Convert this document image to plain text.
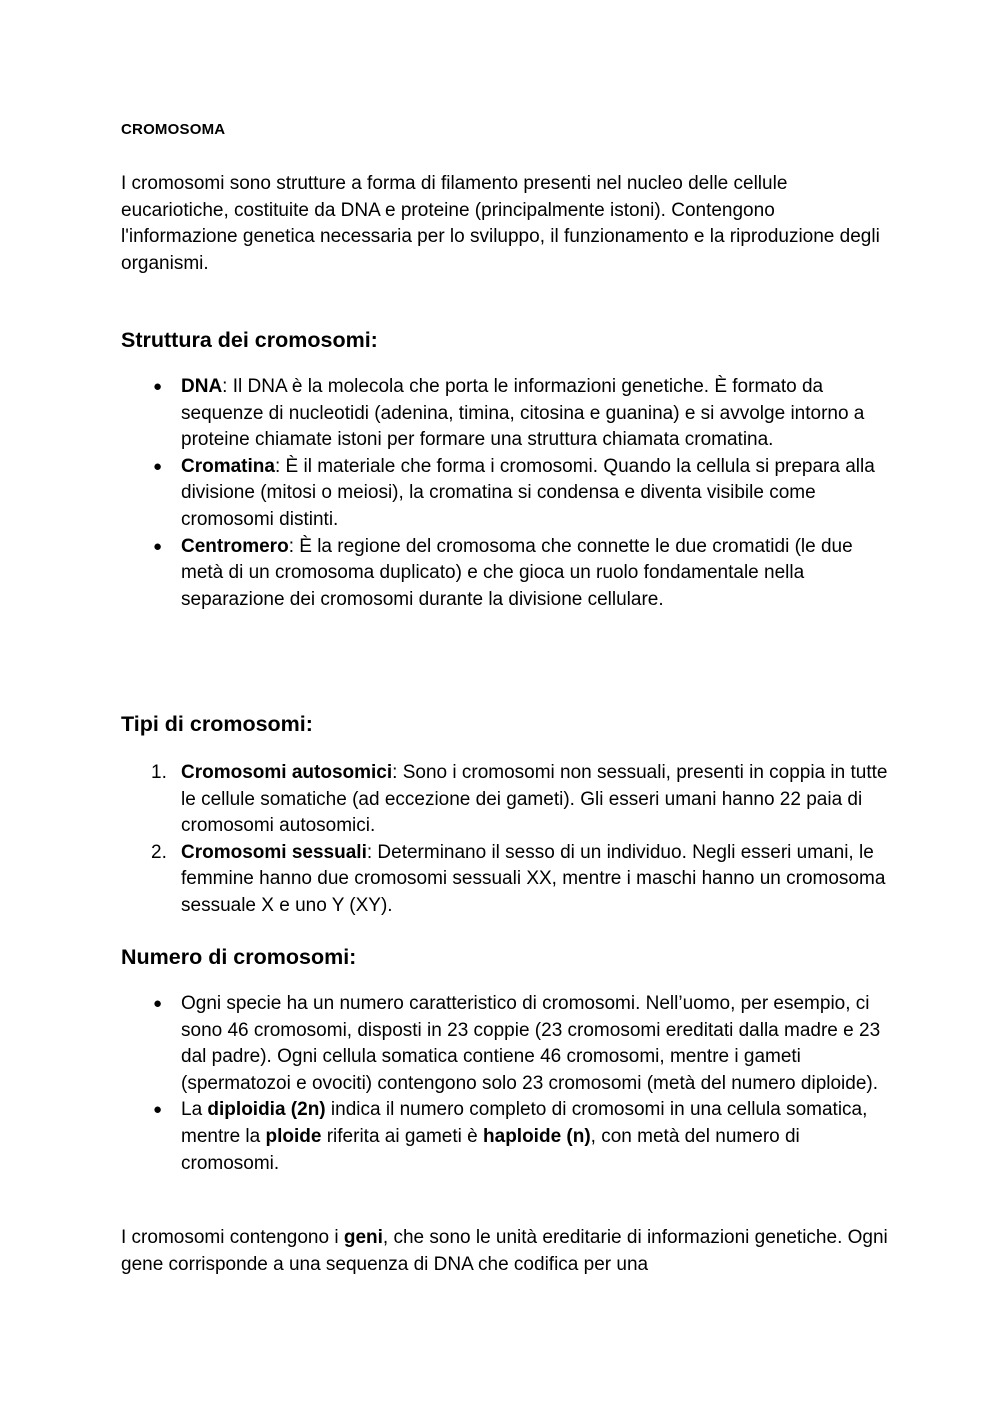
CROMOSOMA

I cromosomi sono strutture a forma di filamento presenti nel nucleo delle cellule eucariotiche, costituite da DNA e proteine (principalmente istoni). Contengono l'informazione genetica necessaria per lo sviluppo, il funzionamento e la riproduzione degli organismi.

Struttura dei cromosomi:
● DNA: Il DNA è la molecola che porta le informazioni genetiche. È formato da sequenze di nucleotidi (adenina, timina, citosina e guanina) e si avvolge intorno a proteine chiamate istoni per formare una struttura chiamata cromatina.
● Cromatina: È il materiale che forma i cromosomi. Quando la cellula si prepara alla divisione (mitosi o meiosi), la cromatina si condensa e diventa visibile come cromosomi distinti.
● Centromero: È la regione del cromosoma che connette le due cromatidi (le due metà di un cromosoma duplicato) e che gioca un ruolo fondamentale nella separazione dei cromosomi durante la divisione cellulare.
Tipi di cromosomi:
1. Cromosomi autosomici: Sono i cromosomi non sessuali, presenti in coppia in tutte le cellule somatiche (ad eccezione dei gameti). Gli esseri umani hanno 22 paia di cromosomi autosomici.
2. Cromosomi sessuali: Determinano il sesso di un individuo. Negli esseri umani, le femmine hanno due cromosomi sessuali XX, mentre i maschi hanno un cromosoma sessuale X e uno Y (XY).
Numero di cromosomi:
● Ogni specie ha un numero caratteristico di cromosomi. Nell’uomo, per esempio, ci sono 46 cromosomi, disposti in 23 coppie (23 cromosomi ereditati dalla madre e 23 dal padre). Ogni cellula somatica contiene 46 cromosomi, mentre i gameti (spermatozoi e ovociti) contengono solo 23 cromosomi (metà del numero diploide).
● La diploidia (2n) indica il numero completo di cromosomi in una cellula somatica, mentre la ploide riferita ai gameti è haploide (n), con metà del numero di cromosomi.

I cromosomi contengono i geni, che sono le unità ereditarie di informazioni genetiche. Ogni gene corrisponde a una sequenza di DNA che codifica per una
